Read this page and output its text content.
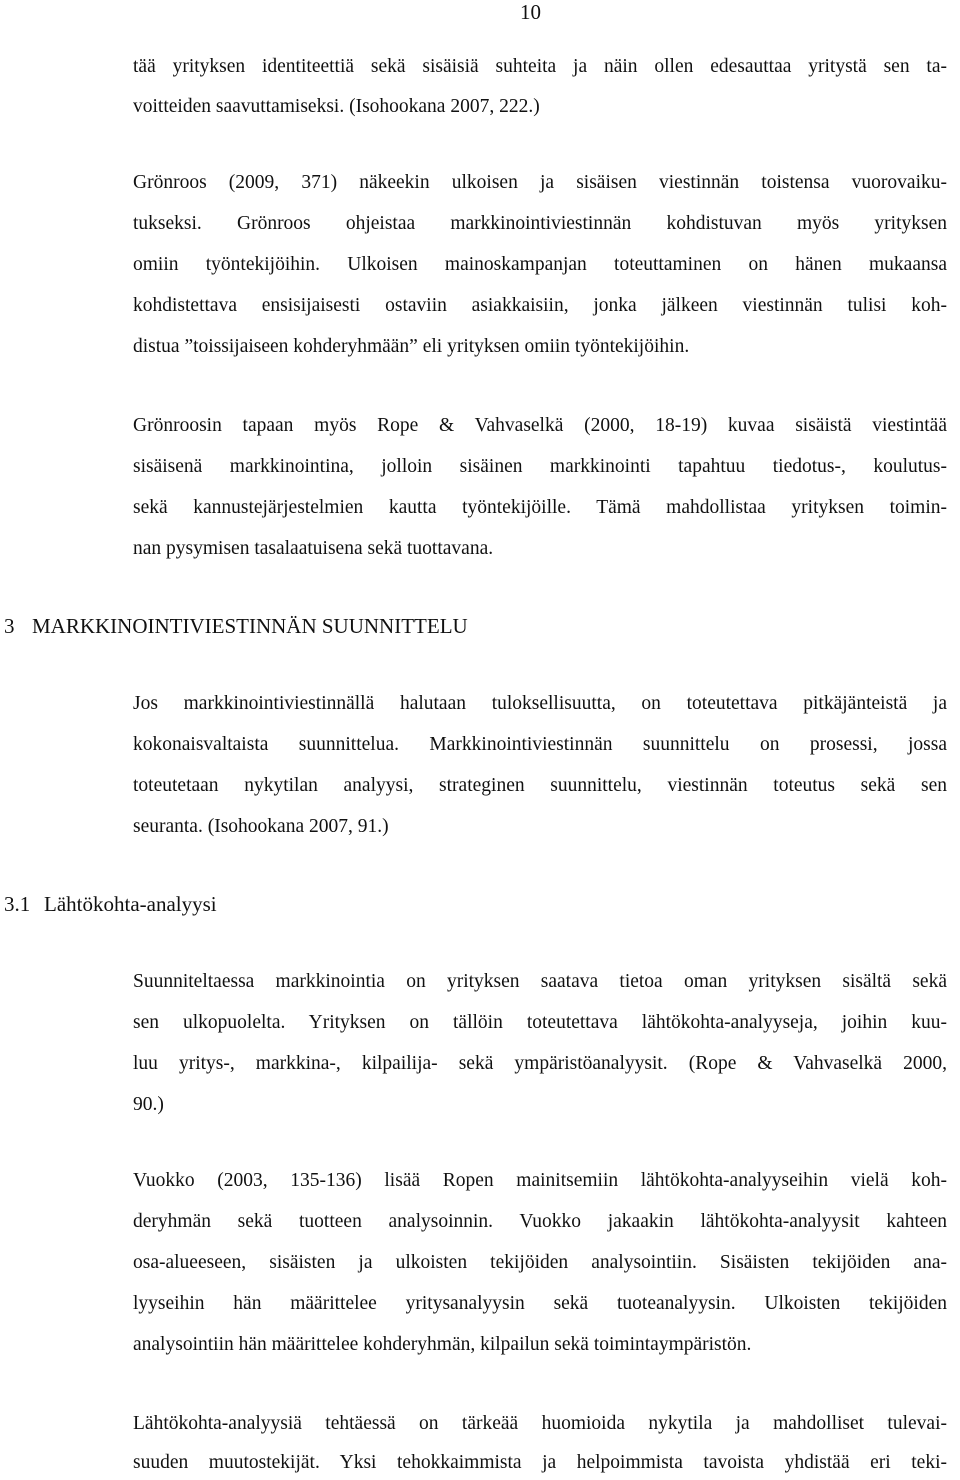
10
tää yrityksen identiteettiä sekä sisäisiä suhteita ja näin ollen edesauttaa yritystä sen ta-
voitteiden saavuttamiseksi. (Isohookana 2007, 222.)
Grönroos (2009, 371) näkeekin ulkoisen ja sisäisen viestinnän toistensa vuorovaiku-
tukseksi. Grönroos ohjeistaa markkinointiviestinnän kohdistuvan myös yrityksen
omiin työntekijöihin. Ulkoisen mainoskampanjan toteuttaminen on hänen mukaansa
kohdistettava ensisijaisesti ostaviin asiakkaisiin, jonka jälkeen viestinnän tulisi koh-
distua ”toissijaiseen kohderyhmään” eli yrityksen omiin työntekijöihin.
Grönroosin tapaan myös Rope & Vahvaselkä (2000, 18-19) kuvaa sisäistä viestintää
sisäisenä markkinointina, jolloin sisäinen markkinointi tapahtuu tiedotus-, koulutus-
sekä kannustejärjestelmien kautta työntekijöille. Tämä mahdollistaa yrityksen toimin-
nan pysymisen tasalaatuisena sekä tuottavana.
3 MARKKINOINTIVIESTINNÄN SUUNNITTELU
Jos markkinointiviestinnällä halutaan tuloksellisuutta, on toteutettava pitkäjänteistä ja
kokonaisvaltaista suunnittelua. Markkinointiviestinnän suunnittelu on prosessi, jossa
toteutetaan nykytilan analyysi, strateginen suunnittelu, viestinnän toteutus sekä sen
seuranta. (Isohookana 2007, 91.)
3.1 Lähtökohta-analyysi
Suunniteltaessa markkinointia on yrityksen saatava tietoa oman yrityksen sisältä sekä
sen ulkopuolelta. Yrityksen on tällöin toteutettava lähtökohta-analyyseja, joihin kuu-
luu yritys-, markkina-, kilpailija- sekä ympäristöanalyysit. (Rope & Vahvaselkä 2000,
90.)
Vuokko (2003, 135-136) lisää Ropen mainitsemiin lähtökohta-analyyseihin vielä koh-
deryhmän sekä tuotteen analysoinnin. Vuokko jakaakin lähtökohta-analyysit kahteen
osa-alueeseen, sisäisten ja ulkoisten tekijöiden analysointiin. Sisäisten tekijöiden ana-
lyyseihin hän määrittelee yritysanalyysin sekä tuoteanalyysin. Ulkoisten tekijöiden
analysointiin hän määrittelee kohderyhmän, kilpailun sekä toimintaympäristön.
Lähtökohta-analyysiä tehtäessä on tärkeää huomioida nykytila ja mahdolliset tulevai-
suuden muutostekijät. Yksi tehokkaimmista ja helpoimmista tavoista yhdistää eri teki-
